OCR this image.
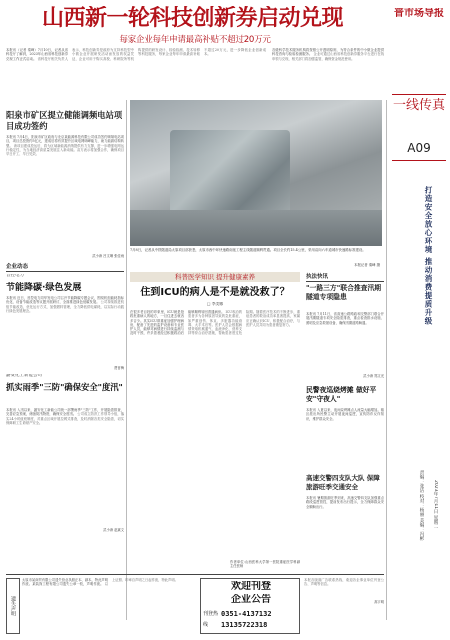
山西新一轮科技创新券启动兑现
每家企业每年申请最高补贴不超过20万元
本报讯（记者 秦峰）7月10日，记者从省科技厅了解到，2023年山西省科技创新券兑现工作正式启动。 省科技厅相关负责人表示，科技创新券是政府为支持科技型中小微企业开展研发活动而发放的权益凭证，企业可用于购买高校、科研院所等机构提供的研发设计、检验检测、技术转移等科技服务，每家企业每年申请最高补贴不超过20万元，进一步降低企业创新成本。
各级科学技术服务机构将按照公开透明原则，为符合条件的中小微企业提供科技咨询与检验检测服务。 企业可通过山西省科技创新券服务平台进行在线申领与兑现，相关部门将加强监管，确保资金规范使用。
7月8日，记者从中铁隧道局太原项目部获悉，太原市西中环快速路南延工程主线隧道顺利贯通。项目全长约15.4公里，采用双向六车道城市快速路标准建设。
本报记者 秦峰 摄
阳泉市矿区提立健能调频电站项目成功签约
本报讯 7月4日，阳泉市矿区政府与北京某能源科技有限公司成功签约调频电站项目，项目总投资约5亿元，建成后将有效提升区域电网调峰能力，助力能源结构转型。 该项目建成投运后，将为区域新能源消纳提供有力支撑，进一步增强电网运行稳定性，为当地经济高质量发展注入新动能。双方表示将加强合作，确保项目早日开工、早日见效。
武小涛 吕文琳 张佳雨
企业动态
晋控电力
节能降碳·绿色发展
本报讯 近日，晋控电力同华发电公司召开节能降碳专题会议，围绕机组能耗指标优化、设备节能改造等议题开展研讨，全面推进绿色低碳发展。 公司持续推进机组节能改造，优化运行方式，加强燃料管理，全力降低供电煤耗，以实际行动践行绿色发展理念。
贾晋梅
潞安化工新能公司
抓实雨季"三防"确保安全"度汛"
本报讯 入汛以来，潞安化工新能公司统一部署雨季"三防"工作，开展隐患排查，完善应急预案，储备防汛物资，确保安全度汛。 公司成立防汛工作领导小组，落实24小时值班制度，对重点区域开展拉网式排查，及时消除各类安全隐患，切实保障职工生命财产安全。
武小涛 赵斌文
执法快讯
"一路三方"联合推查汛期隧道专项隐患
本报讯 7月11日，省高速公路路政和交警部门联合开展汛期隧道专项安全隐患排查，重点检查排水设施、照明及应急救援设备，确保汛期道路畅通。
武小涛 郑文光
民警夜巡烧烤摊 做好平安"守夜人"
本报讯 入夏以来，夜间烧烤摊点人流量大幅增加。辖区派出所民警主动开展夜间巡逻，宣传防诈反诈知识，维护群众安全。
高速交警四支队大队 保障旅游旺季交通安全
本报讯 暑期旅游旺季到来，高速交警四支队加强重点路段巡逻管控，提前发布出行提示，全力保障群众安全顺畅出行。
高宇明
科普医学知识 提升健康素养
住到ICU的病人是不是就没救了？
□ 李美娜
在很多老百姓的印象里，ICU就是抢救危重病人的地方，一旦住进去就凶多吉少。其实ICU即重症加强护理病房，配备了先进的监护设备和专业医护人员，能够对病情进行持续监测与及时干预，许多患者经过积极救治后能够顺利转回普通病房。 ICU收治的患者多为各种原因导致的急危重症，如严重创伤、休克、多脏器功能衰竭、大手术后等。医护人员会根据病情采取机械通气、血液净化、营养支持等综合治疗措施，帮助患者度过危险期。随着医疗技术的不断进步，重症患者的救治成功率显著提高，家属应正确认识ICU，积极配合治疗，与医护人员共同为患者康复努力。
作者单位:山西医科大学第一医院重症医学科副主任医师
遗失声明
太原市某商贸有限公司遗失营业执照正本、副本，特此声明作废。某装饰工程有限公司遗失公章一枚，声明作废。 以上证照、印章自声明之日起作废，特此声明。
欢迎刊登
企业公告
刊登热线
0351-4137132
13135722318
本报各版面广告联系热线，欢迎各企事业单位刊登公告、声明等信息。
晋市场导报
一线传真
A09
打造安全放心环境 推动消费提质升级
2023年7月11日 星期二
责编：张洁 校对：杨丽 美编：冯彬
